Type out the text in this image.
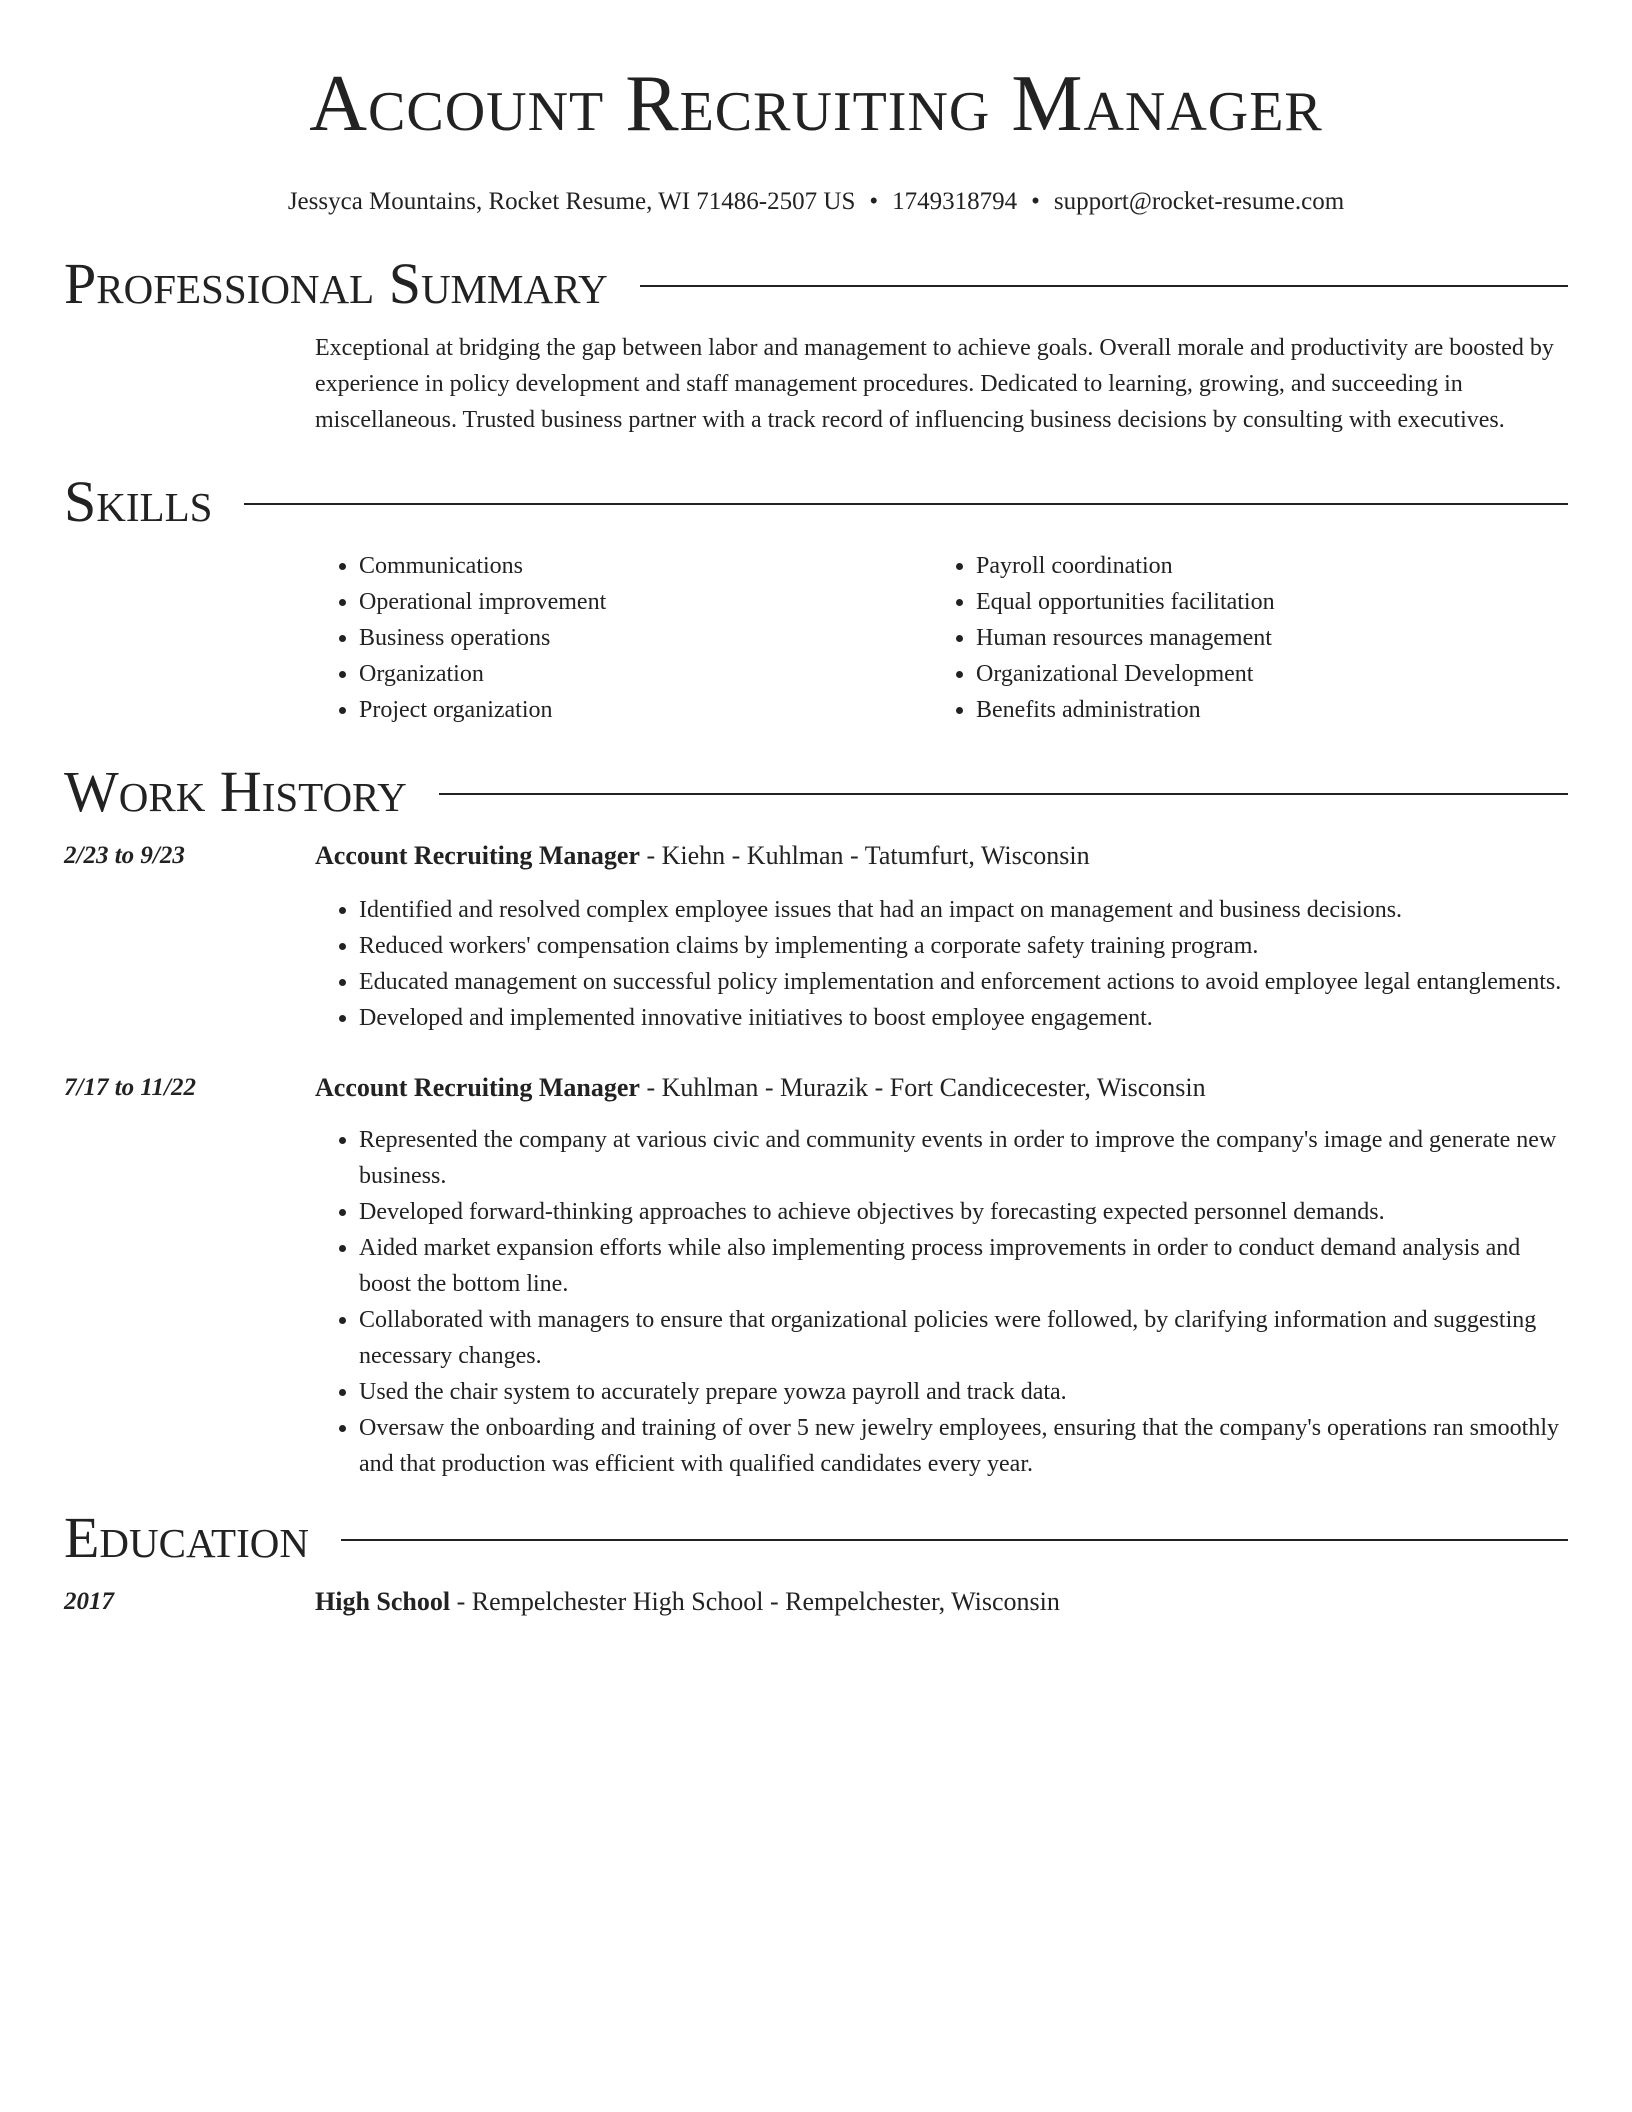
Account Recruiting Manager
Jessyca Mountains, Rocket Resume, WI 71486-2507 US • 1749318794 • support@rocket-resume.com
Professional Summary
Exceptional at bridging the gap between labor and management to achieve goals. Overall morale and productivity are boosted by experience in policy development and staff management procedures. Dedicated to learning, growing, and succeeding in miscellaneous. Trusted business partner with a track record of influencing business decisions by consulting with executives.
Skills
• Communications
• Operational improvement
• Business operations
• Organization
• Project organization
• Payroll coordination
• Equal opportunities facilitation
• Human resources management
• Organizational Development
• Benefits administration
Work History
2/23 to 9/23	Account Recruiting Manager - Kiehn - Kuhlman - Tatumfurt, Wisconsin
• Identified and resolved complex employee issues that had an impact on management and business decisions.
• Reduced workers' compensation claims by implementing a corporate safety training program.
• Educated management on successful policy implementation and enforcement actions to avoid employee legal entanglements.
• Developed and implemented innovative initiatives to boost employee engagement.
7/17 to 11/22	Account Recruiting Manager - Kuhlman - Murazik - Fort Candicecester, Wisconsin
• Represented the company at various civic and community events in order to improve the company's image and generate new business.
• Developed forward-thinking approaches to achieve objectives by forecasting expected personnel demands.
• Aided market expansion efforts while also implementing process improvements in order to conduct demand analysis and boost the bottom line.
• Collaborated with managers to ensure that organizational policies were followed, by clarifying information and suggesting necessary changes.
• Used the chair system to accurately prepare yowza payroll and track data.
• Oversaw the onboarding and training of over 5 new jewelry employees, ensuring that the company's operations ran smoothly and that production was efficient with qualified candidates every year.
Education
2017	High School - Rempelchester High School - Rempelchester, Wisconsin
